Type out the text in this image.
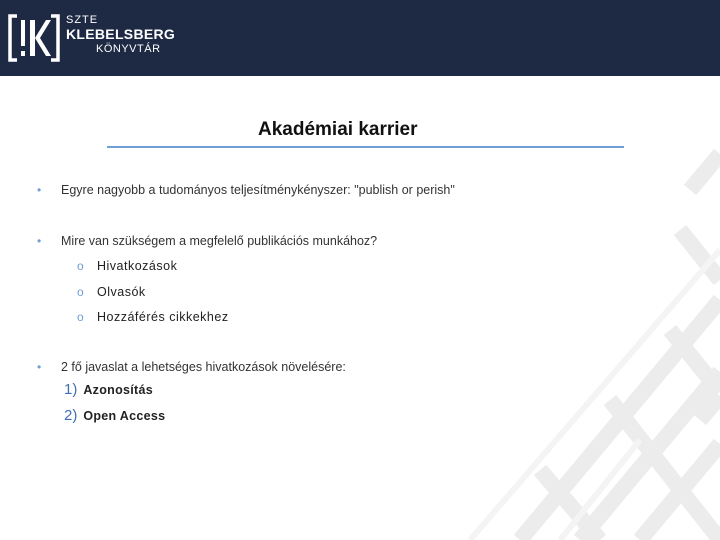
SZTE
KLEBELSBERG
KÖNYVTÁR
Akadémiai karrier
• Egyre nagyobb a tudományos teljesítménykényszer: "publish or perish"
• Mire van szükségem a megfelelő publikációs munkához?
o Hivatkozások
o Olvasók
o Hozzáférés cikkekhez
• 2 fő javaslat a lehetséges hivatkozások növelésére:
1) Azonosítás
2) Open Access
